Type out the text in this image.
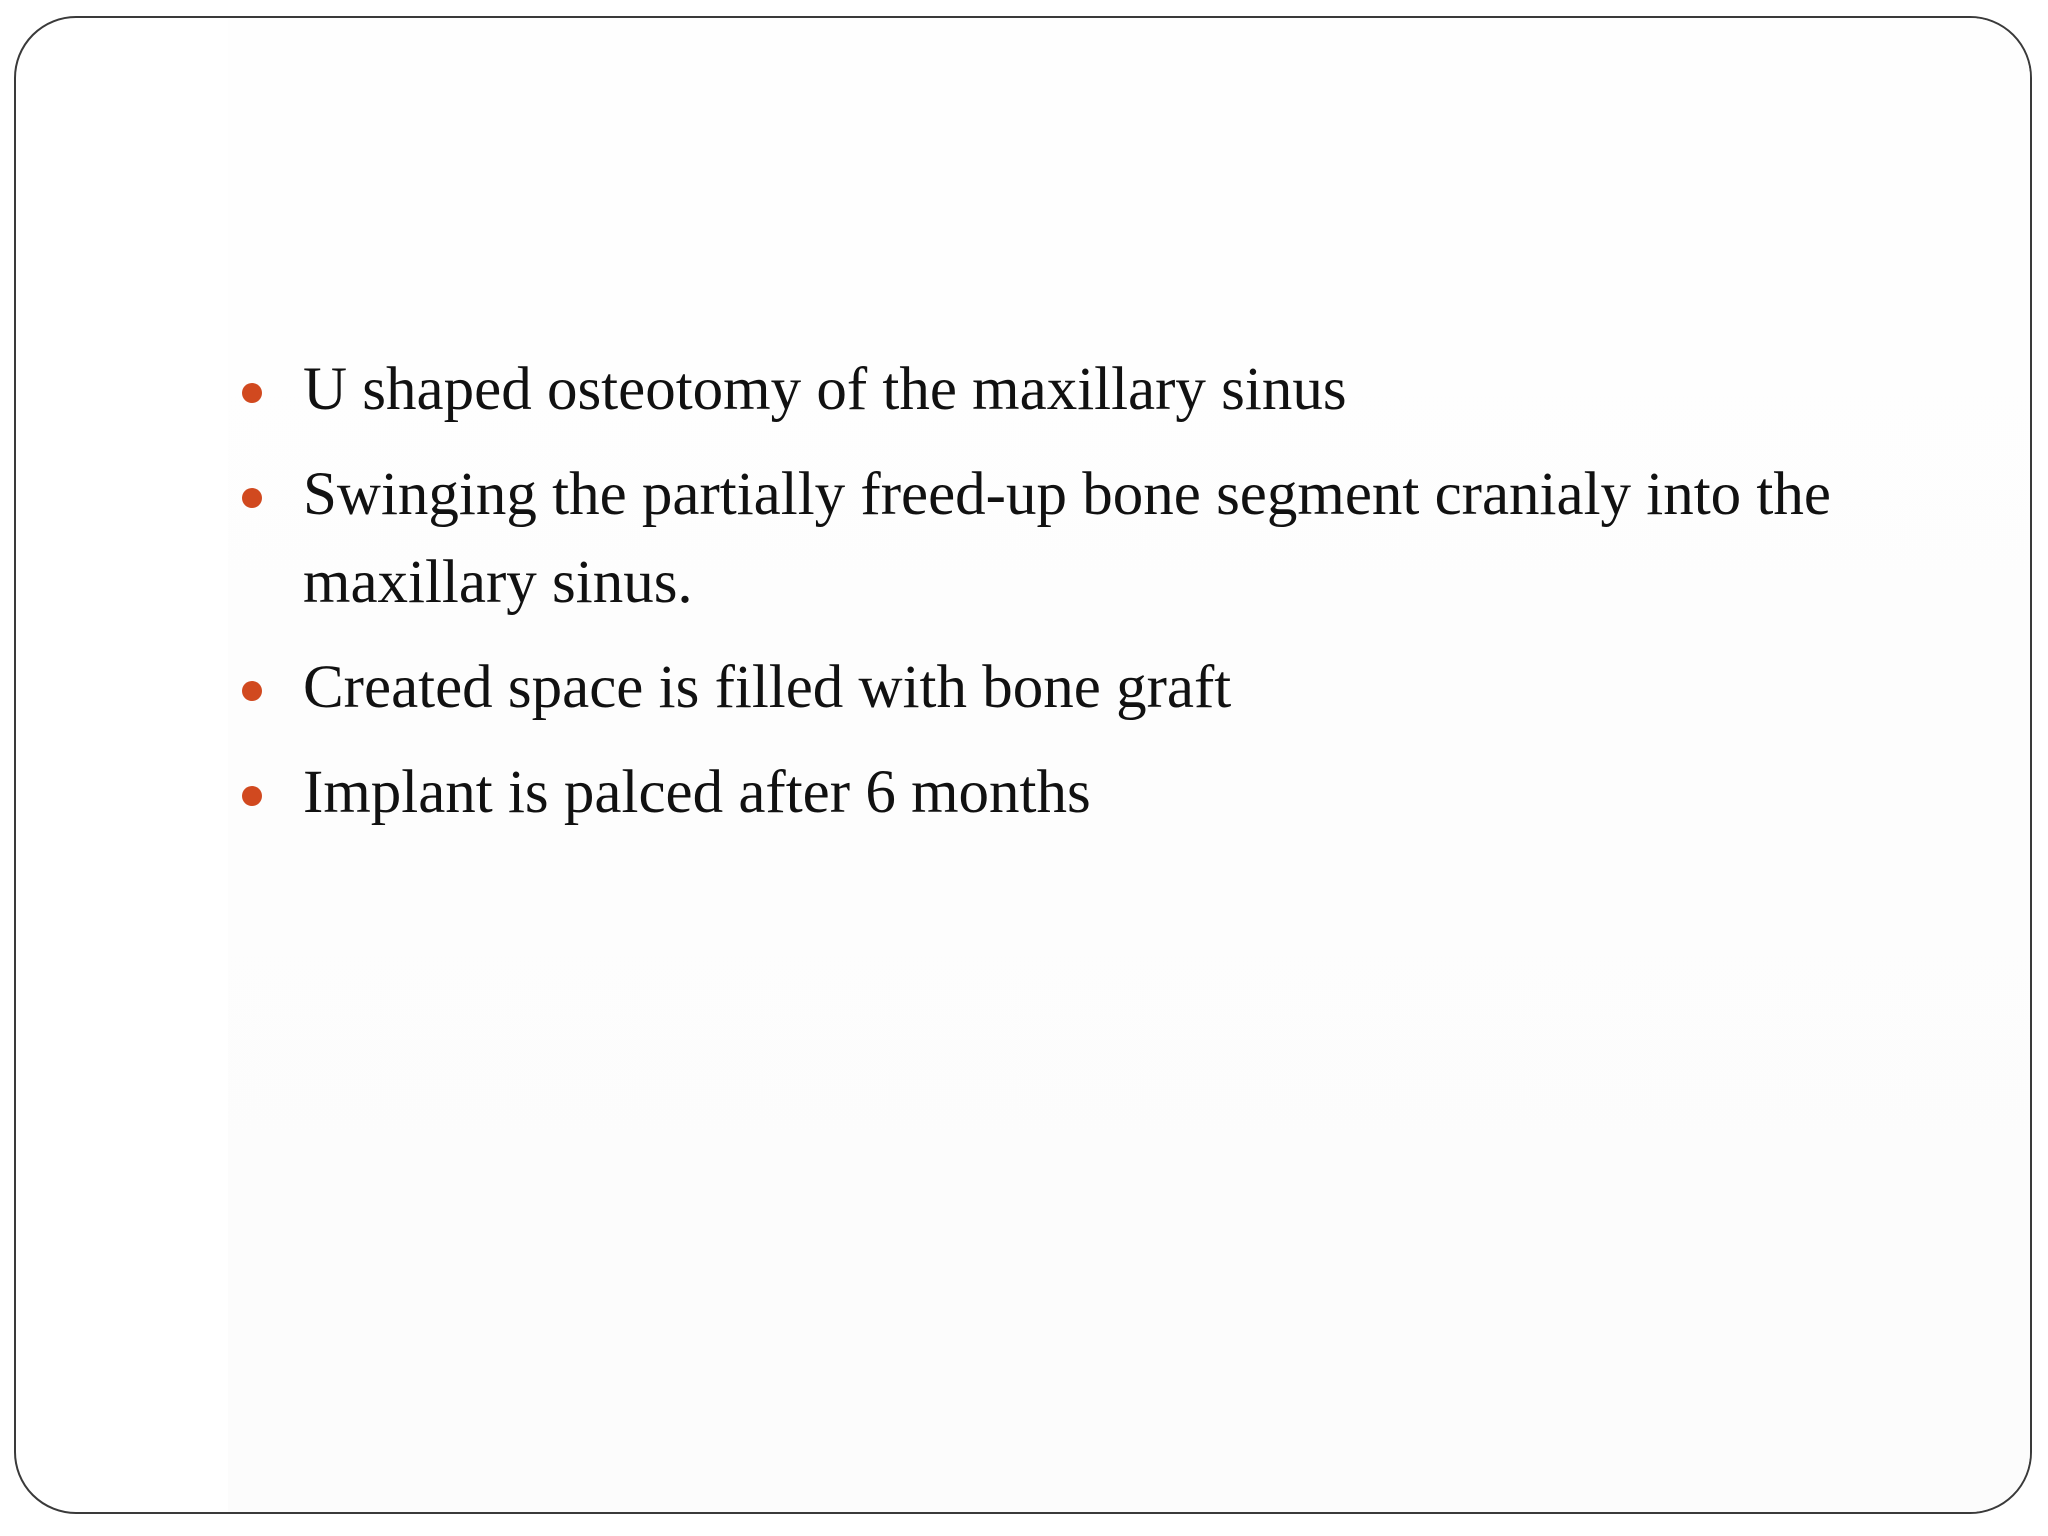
U shaped osteotomy of the maxillary sinus
Swinging the partially freed-up bone segment cranialy into the maxillary sinus.
Created space is filled with bone graft
Implant is palced after 6 months
